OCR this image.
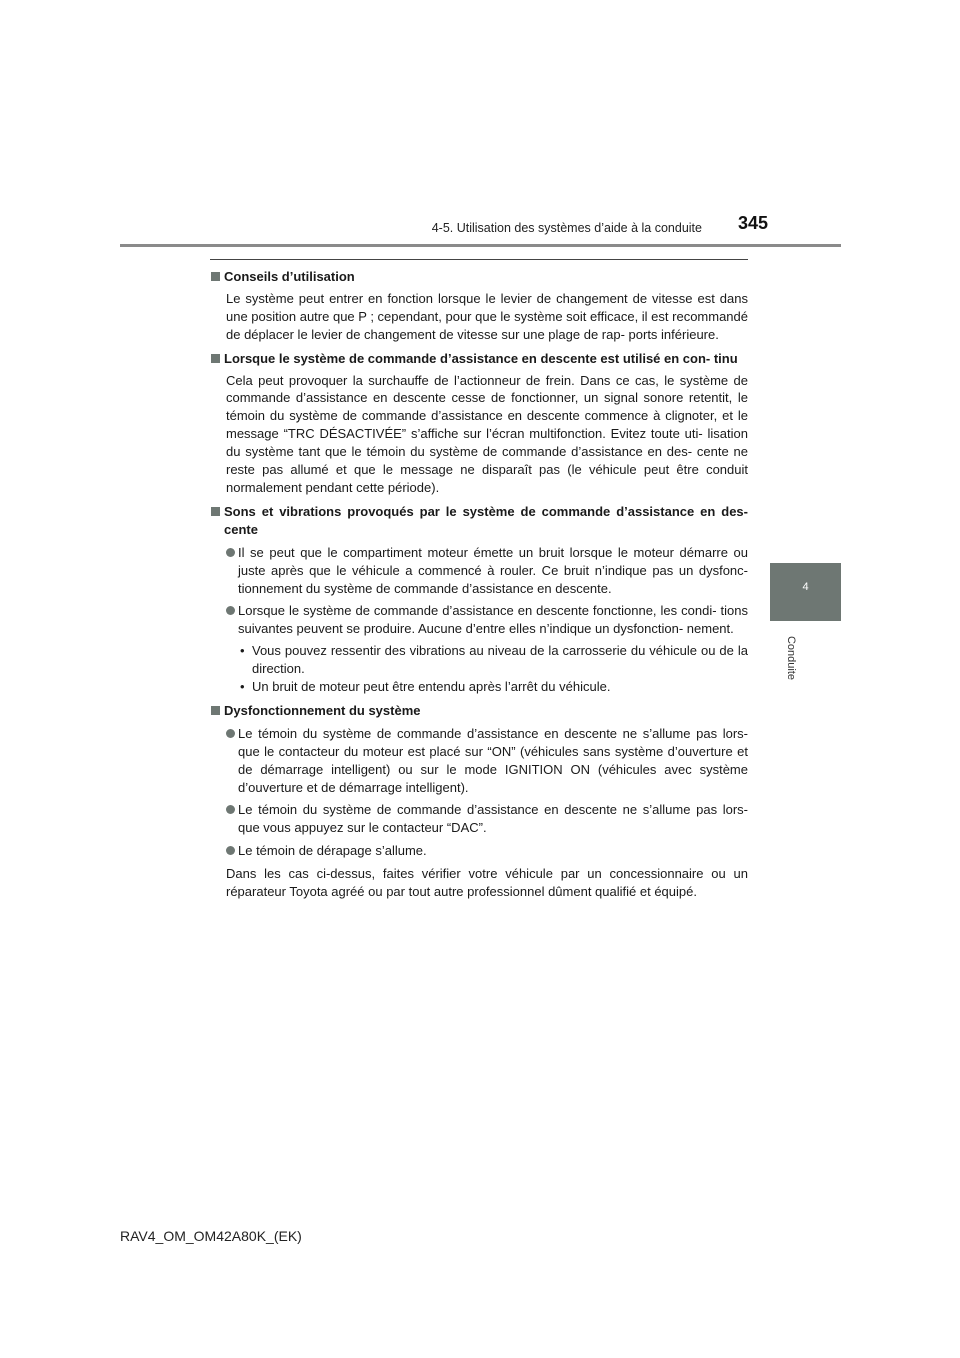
4-5. Utilisation des systèmes d’aide à la conduite 345
4
Conduite
Conseils d’utilisation
Le système peut entrer en fonction lorsque le levier de changement de vitesse est dans une position autre que P ; cependant, pour que le système soit efficace, il est recommandé de déplacer le levier de changement de vitesse sur une plage de rap- ports inférieure.
Lorsque le système de commande d’assistance en descente est utilisé en con- tinu
Cela peut provoquer la surchauffe de l’actionneur de frein. Dans ce cas, le système de commande d’assistance en descente cesse de fonctionner, un signal sonore retentit, le témoin du système de commande d’assistance en descente commence à clignoter, et le message “TRC DÉSACTIVÉE” s’affiche sur l’écran multifonction. Evitez toute uti- lisation du système tant que le témoin du système de commande d’assistance en des- cente ne reste pas allumé et que le message ne disparaît pas (le véhicule peut être conduit normalement pendant cette période).
Sons et vibrations provoqués par le système de commande d’assistance en des- cente
Il se peut que le compartiment moteur émette un bruit lorsque le moteur démarre ou juste après que le véhicule a commencé à rouler. Ce bruit n’indique pas un dysfonc- tionnement du système de commande d’assistance en descente.
Lorsque le système de commande d’assistance en descente fonctionne, les condi- tions suivantes peuvent se produire. Aucune d’entre elles n’indique un dysfonction- nement.
• Vous pouvez ressentir des vibrations au niveau de la carrosserie du véhicule ou de la direction.
• Un bruit de moteur peut être entendu après l’arrêt du véhicule.
Dysfonctionnement du système
Le témoin du système de commande d’assistance en descente ne s’allume pas lors- que le contacteur du moteur est placé sur “ON” (véhicules sans système d’ouverture et de démarrage intelligent) ou sur le mode IGNITION ON (véhicules avec système d’ouverture et de démarrage intelligent).
Le témoin du système de commande d’assistance en descente ne s’allume pas lors- que vous appuyez sur le contacteur “DAC”.
Le témoin de dérapage s’allume.
Dans les cas ci-dessus, faites vérifier votre véhicule par un concessionnaire ou un réparateur Toyota agréé ou par tout autre professionnel dûment qualifié et équipé.
RAV4_OM_OM42A80K_(EK)
